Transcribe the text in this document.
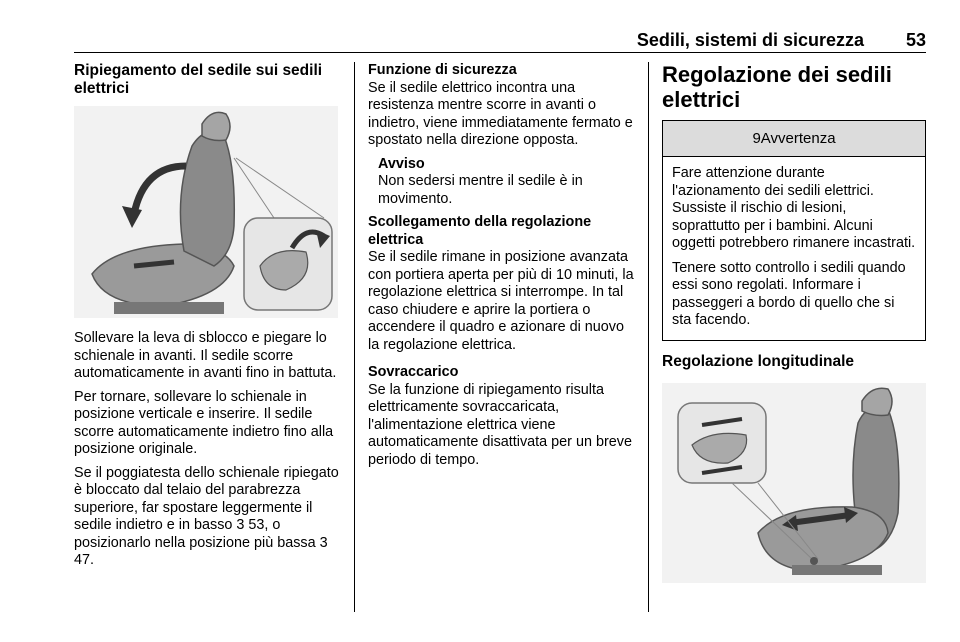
Sedili, sistemi di sicurezza 53
Ripiegamento del sedile sui sedili elettrici

Sollevare la leva di sblocco e piegare lo schienale in avanti. Il sedile scorre automaticamente in avanti fino in battuta.

Per tornare, sollevare lo schienale in posizione verticale e inserire. Il sedile scorre automaticamente indietro fino alla posizione originale.

Se il poggiatesta dello schienale ripiegato è bloccato dal telaio del parabrezza superiore, far spostare leggermente il sedile indietro e in basso 3 53, o posizionarlo nella posizione più bassa 3 47.

Funzione di sicurezza

Se il sedile elettrico incontra una resistenza mentre scorre in avanti o indietro, viene immediatamente fermato e spostato nella direzione opposta.

Avviso
Non sedersi mentre il sedile è in movimento.
Scollegamento della regolazione elettrica

Se il sedile rimane in posizione avanzata con portiera aperta per più di 10 minuti, la regolazione elettrica si interrompe. In tal caso chiudere e aprire la portiera o accendere il quadro e azionare di nuovo la regolazione elettrica.

Sovraccarico

Se la funzione di ripiegamento risulta elettricamente sovraccaricata, l'alimentazione elettrica viene automaticamente disattivata per un breve periodo di tempo.

Regolazione dei sedili elettrici
9Avvertenza

Fare attenzione durante l'azionamento dei sedili elettrici. Sussiste il rischio di lesioni, soprattutto per i bambini. Alcuni oggetti potrebbero rimanere incastrati.

Tenere sotto controllo i sedili quando essi sono regolati. Informare i passeggeri a bordo di quello che si sta facendo.

Regolazione longitudinale
